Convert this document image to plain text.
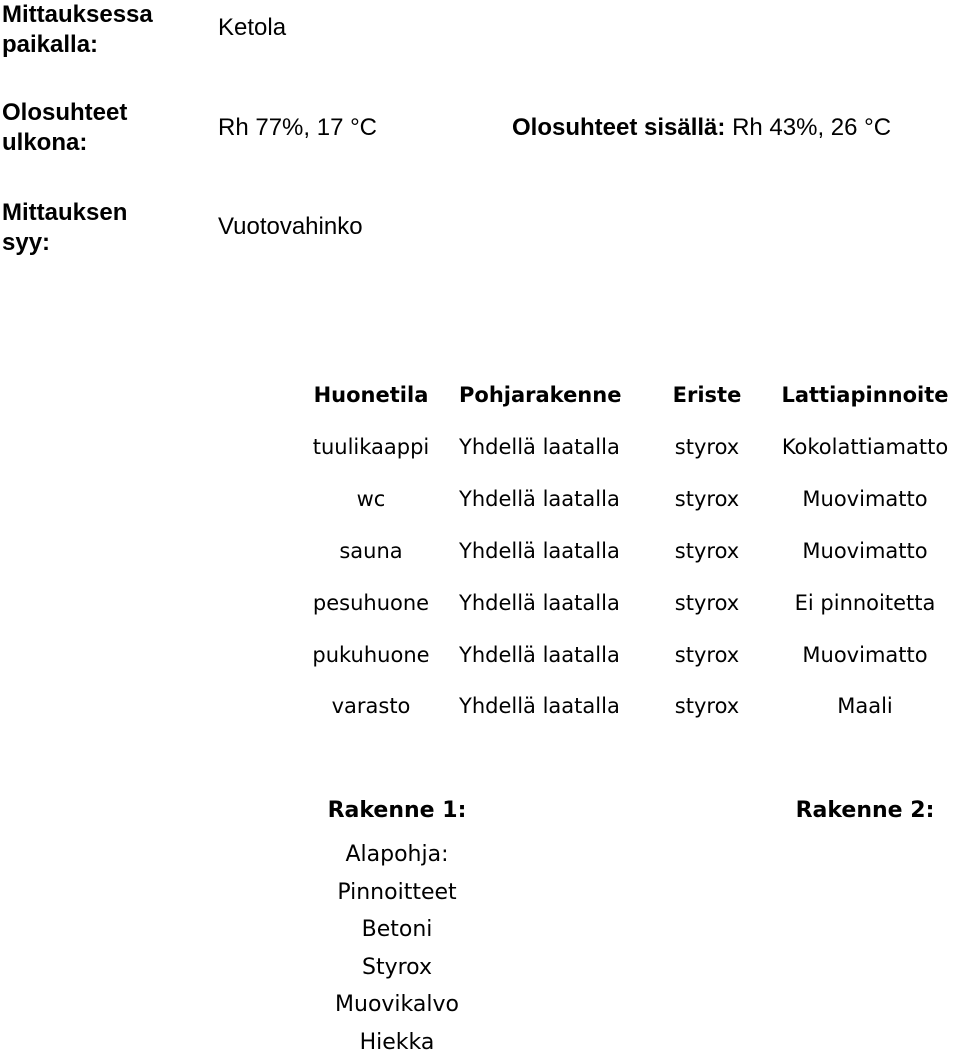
Mittauksessa
paikalla:
Ketola
Olosuhteet
ulkona:
Rh 77%, 17 °C	Olosuhteet sisällä: Rh 43%, 26 °C
Mittauksen
syy:
Vuotovahinko
Huonetila	Pohjarakenne	Eriste	Lattiapinnoite
tuulikaappi	Yhdellä laatalla	styrox	Kokolattiamatto
wc	Yhdellä laatalla	styrox	Muovimatto
sauna	Yhdellä laatalla	styrox	Muovimatto
pesuhuone	Yhdellä laatalla	styrox	Ei pinnoitetta
pukuhuone	Yhdellä laatalla	styrox	Muovimatto
varasto	Yhdellä laatalla	styrox	Maali
Rakenne 1:
Alapohja:
Pinnoitteet
Betoni
Styrox
Muovikalvo
Hiekka
Rakenne 2:
